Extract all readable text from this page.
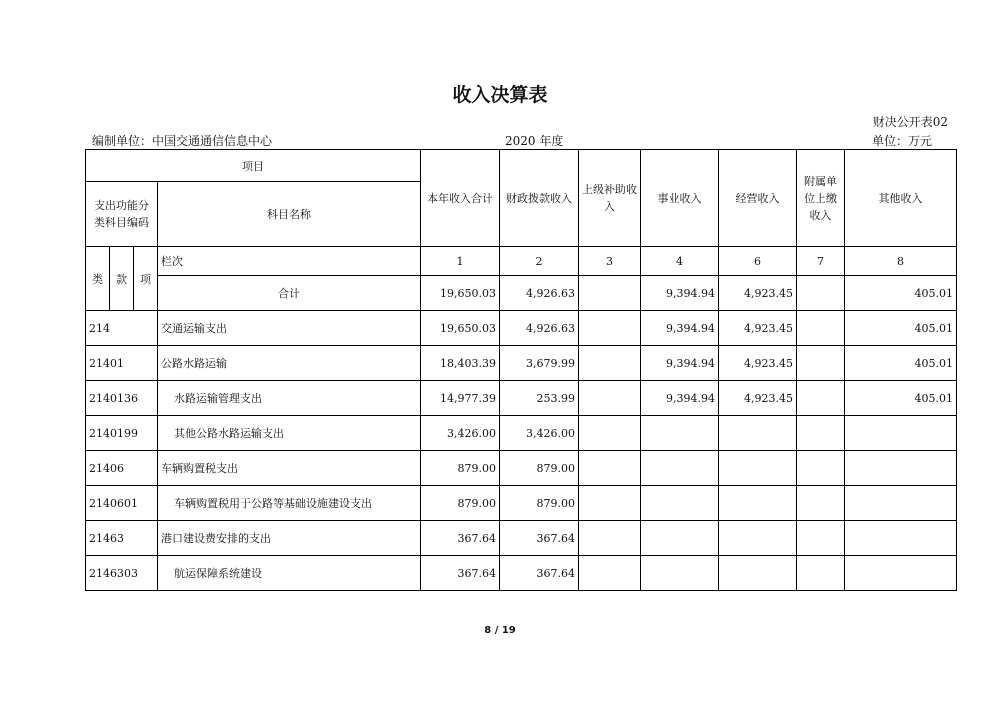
收入决算表
财决公开表02
编制单位：中国交通通信信息中心	2020 年度	单位：万元
项目				本年收入合计	财政拨款收入	上级补助收入	事业收入	经营收入	附属单位上缴收入	其他收入
支出功能分类科目编码			科目名称							
类	款	项	栏次	1	2	3	4	6	7	8
			合计	19,650.03	4,926.63		9,394.94	4,923.45		405.01
214			交通运输支出	19,650.03	4,926.63		9,394.94	4,923.45		405.01
21401			公路水路运输	18,403.39	3,679.99		9,394.94	4,923.45		405.01
2140136			水路运输管理支出	14,977.39	253.99		9,394.94	4,923.45		405.01
2140199			其他公路水路运输支出	3,426.00	3,426.00					
21406			车辆购置税支出	879.00	879.00					
2140601			车辆购置税用于公路等基础设施建设支出	879.00	879.00					
21463			港口建设费安排的支出	367.64	367.64					
2146303			航运保障系统建设	367.64	367.64					
8 / 19
